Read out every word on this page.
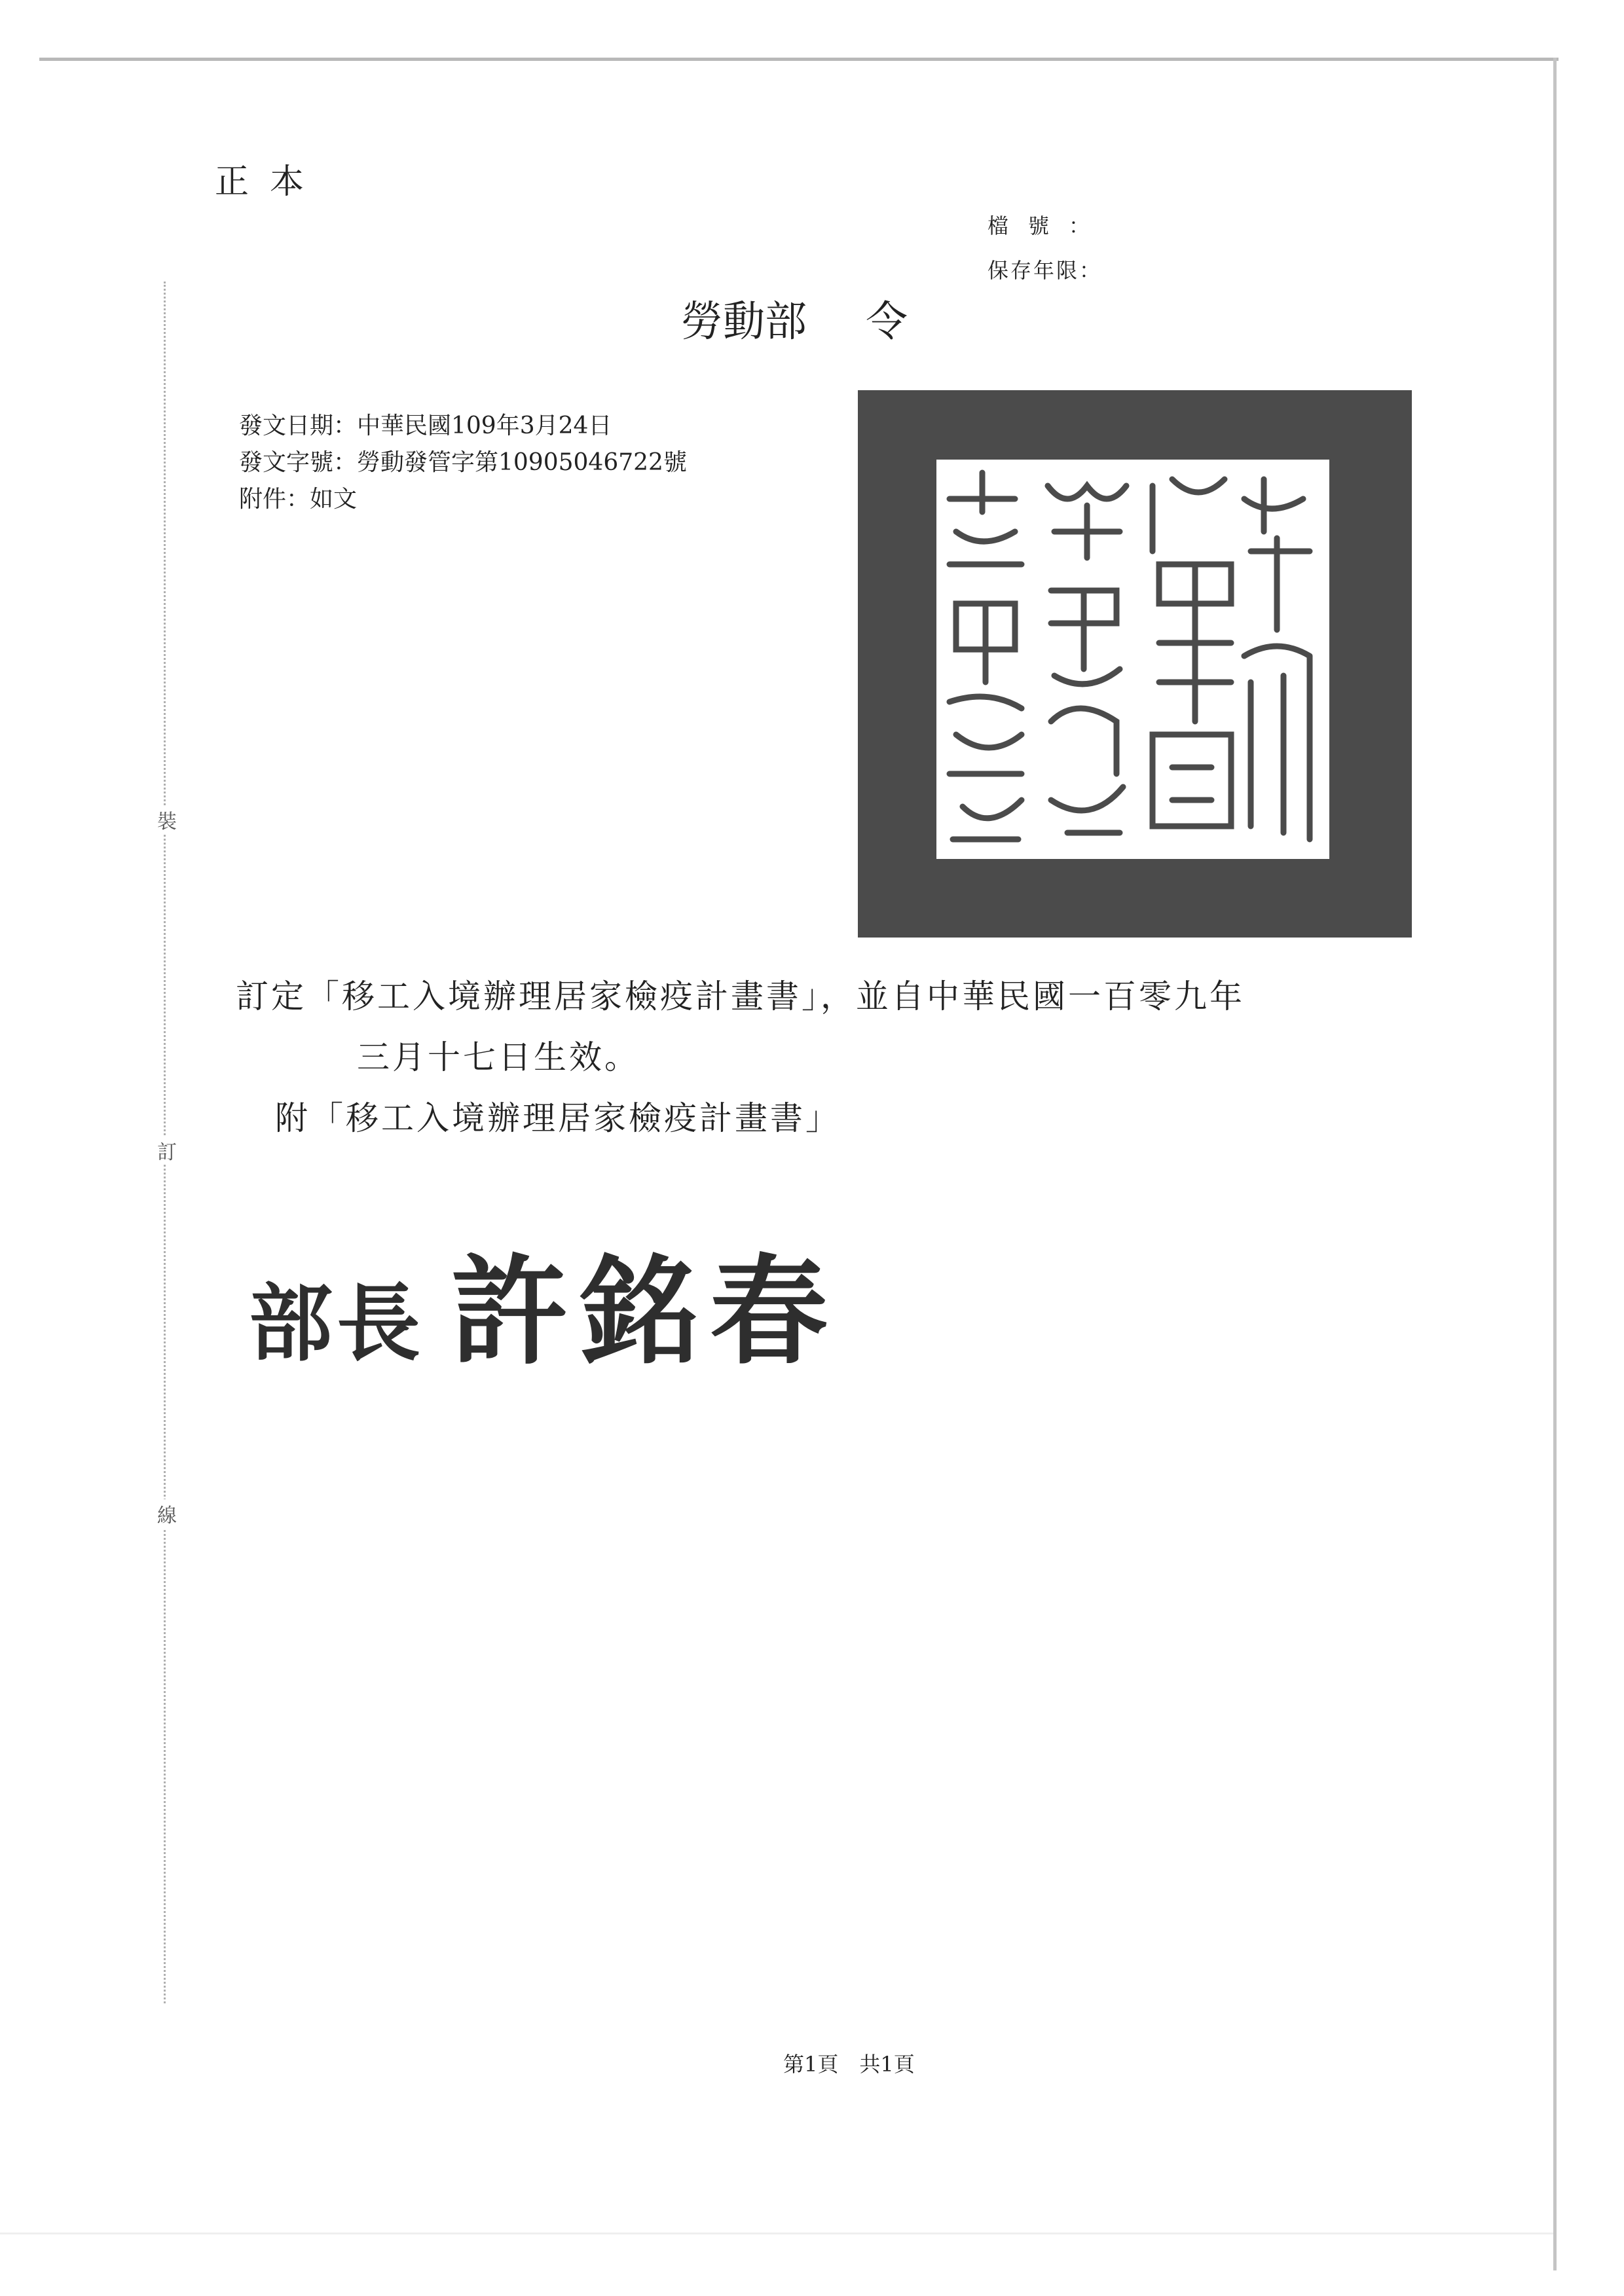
裝
訂
線
正本
檔號：
保存年限：
勞動部 令
發文日期：中華民國109年3月24日
發文字號：勞動發管字第10905046722號
附件：如文
訂定「移工入境辦理居家檢疫計畫書」，並自中華民國一百零九年
三月十七日生效。
附「移工入境辦理居家檢疫計畫書」
部長 許銘春
第1頁　共1頁
